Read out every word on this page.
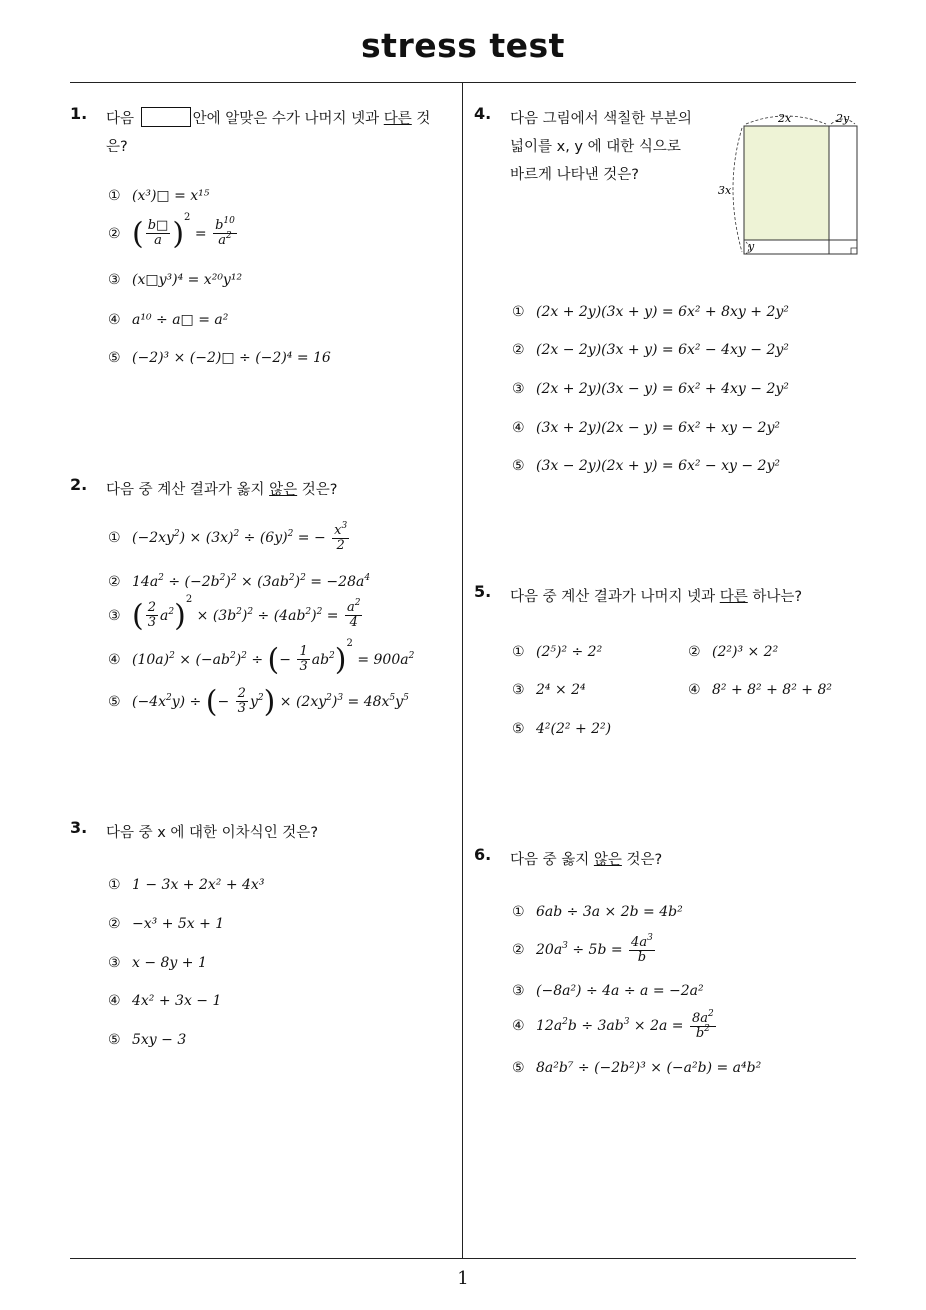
stress test
1
1. 다음	안에 알맞은 수가 나머지 넷과 다른 것
은?
① (x³)□ = x¹⁵
② ( $\frac{b□}{a} )^2 = \frac{b^{10}}{a^2}$
③ (x□y³)⁴ = x²⁰y¹²
④ a¹⁰ ÷ a□ = a²
⑤ (−2)³ × (−2)□ ÷ (−2)⁴ = 16
2. 다음 중 계산 결과가 옳지 않은 것은?
① $(-2xy^2) \times (3x)^2 \div (6y)^2$ = − $\frac{x^3}{2}$
② $14a^2 \div (-2b^2)^2 \times (3ab^2)^2 = -28a^4$
③ ( $\frac{2}{3} a^2)^2 \times (3b^2)^2 \div (4ab^2)^2 = \frac{a^2}{4}$
④ $(10a)^2 \times (-ab^2)^2$ ÷ (− $\frac{1}{3} ab^2)^2 = 900a^2$
⑤ $(-4x^2y)$ ÷ (− $\frac{2}{3} y^2) \times (2xy^2)^3 = 48x^5y^5$
3. 다음 중 x 에 대한 이차식인 것은?
① 1 − 3x + 2x² + 4x³
② −x³ + 5x + 1
③ x − 8y + 1
④ 4x² + 3x − 1
⑤ 5xy − 3
4. 다음 그림에서 색칠한 부분의
넓이를 x, y 에 대한 식으로
바르게 나타낸 것은?
2x	2y
3x
y
① (2x + 2y)(3x + y) = 6x² + 8xy + 2y²
② (2x − 2y)(3x + y) = 6x² − 4xy − 2y²
③ (2x + 2y)(3x − y) = 6x² + 4xy − 2y²
④ (3x + 2y)(2x − y) = 6x² + xy − 2y²
⑤ (3x − 2y)(2x + y) = 6x² − xy − 2y²
5. 다음 중 계산 결과가 나머지 넷과 다른 하나는?
① (2⁵)² ÷ 2²	② (2²)³ × 2²
③ 2⁴ × 2⁴	④ 8² + 8² + 8² + 8²
⑤ 4²(2² + 2²)
6. 다음 중 옳지 않은 것은?
① 6ab ÷ 3a × 2b = 4b²
② $20a^3 \div 5b = \frac{4a^3}{b}$
③ (−8a²) ÷ 4a ÷ a = −2a²
④ $12a^2b \div 3ab^3 \times 2a = \frac{8a^2}{b^2}$
⑤ 8a²b⁷ ÷ (−2b²)³ × (−a²b) = a⁴b²
